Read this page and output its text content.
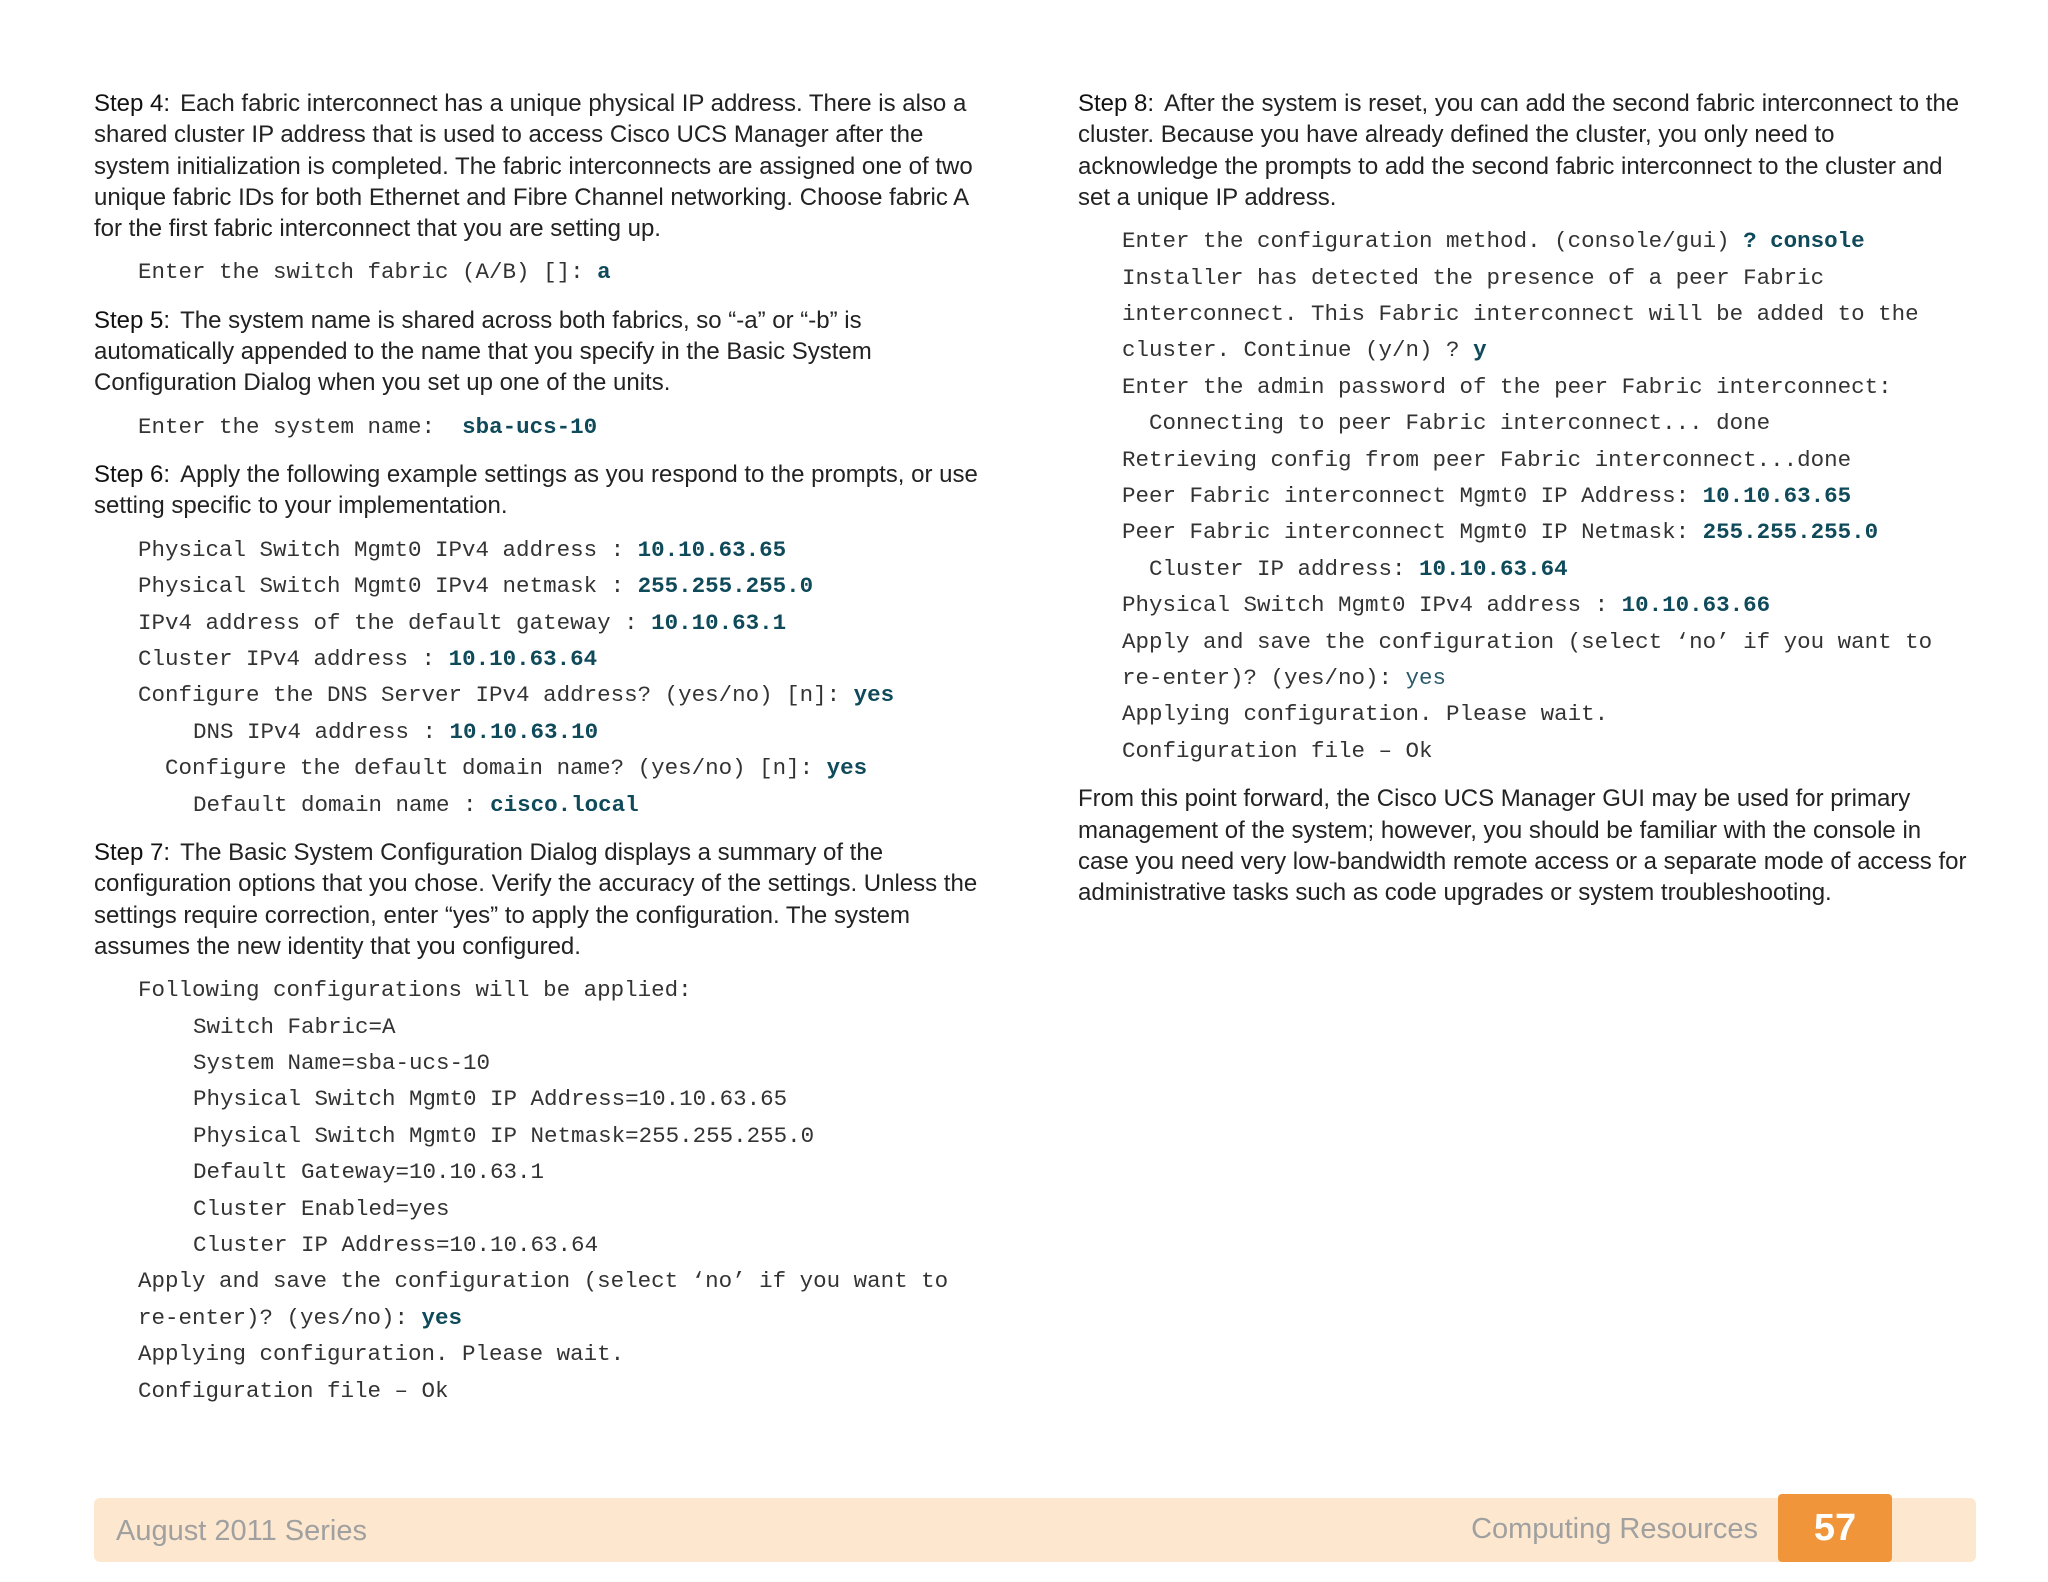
Step 4: Each fabric interconnect has a unique physical IP address. There is also a shared cluster IP address that is used to access Cisco UCS Manager after the system initialization is completed. The fabric interconnects are assigned one of two unique fabric IDs for both Ethernet and Fibre Channel networking. Choose fabric A for the first fabric interconnect that you are setting up.

Enter the switch fabric (A/B) []: a

Step 5: The system name is shared across both fabrics, so “-a” or “-b” is automatically appended to the name that you specify in the Basic System Configuration Dialog when you set up one of the units.

Enter the system name:  sba-ucs-10

Step 6: Apply the following example settings as you respond to the prompts, or use setting specific to your implementation.

Physical Switch Mgmt0 IPv4 address : 10.10.63.65
Physical Switch Mgmt0 IPv4 netmask : 255.255.255.0
IPv4 address of the default gateway : 10.10.63.1
Cluster IPv4 address : 10.10.63.64
Configure the DNS Server IPv4 address? (yes/no) [n]: yes
DNS IPv4 address : 10.10.63.10
Configure the default domain name? (yes/no) [n]: yes
Default domain name : cisco.local

Step 7: The Basic System Configuration Dialog displays a summary of the configuration options that you chose. Verify the accuracy of the settings. Unless the settings require correction, enter “yes” to apply the configuration. The system assumes the new identity that you configured.

Following configurations will be applied:
Switch Fabric=A
System Name=sba-ucs-10
Physical Switch Mgmt0 IP Address=10.10.63.65
Physical Switch Mgmt0 IP Netmask=255.255.255.0
Default Gateway=10.10.63.1
Cluster Enabled=yes
Cluster IP Address=10.10.63.64
Apply and save the configuration (select ‘no’ if you want to
re-enter)? (yes/no): yes
Applying configuration. Please wait.
Configuration file – Ok

Step 8: After the system is reset, you can add the second fabric interconnect to the cluster. Because you have already defined the cluster, you only need to acknowledge the prompts to add the second fabric interconnect to the cluster and set a unique IP address.

Enter the configuration method. (console/gui) ? console
Installer has detected the presence of a peer Fabric
interconnect. This Fabric interconnect will be added to the
cluster. Continue (y/n) ? y
Enter the admin password of the peer Fabric interconnect:
Connecting to peer Fabric interconnect... done
Retrieving config from peer Fabric interconnect...done
Peer Fabric interconnect Mgmt0 IP Address: 10.10.63.65
Peer Fabric interconnect Mgmt0 IP Netmask: 255.255.255.0
Cluster IP address: 10.10.63.64
Physical Switch Mgmt0 IPv4 address : 10.10.63.66
Apply and save the configuration (select ‘no’ if you want to
re-enter)? (yes/no): yes
Applying configuration. Please wait.
Configuration file – Ok

From this point forward, the Cisco UCS Manager GUI may be used for primary management of the system; however, you should be familiar with the console in case you need very low-bandwidth remote access or a separate mode of access for administrative tasks such as code upgrades or system troubleshooting.

August 2011 Series	Computing Resources	57
